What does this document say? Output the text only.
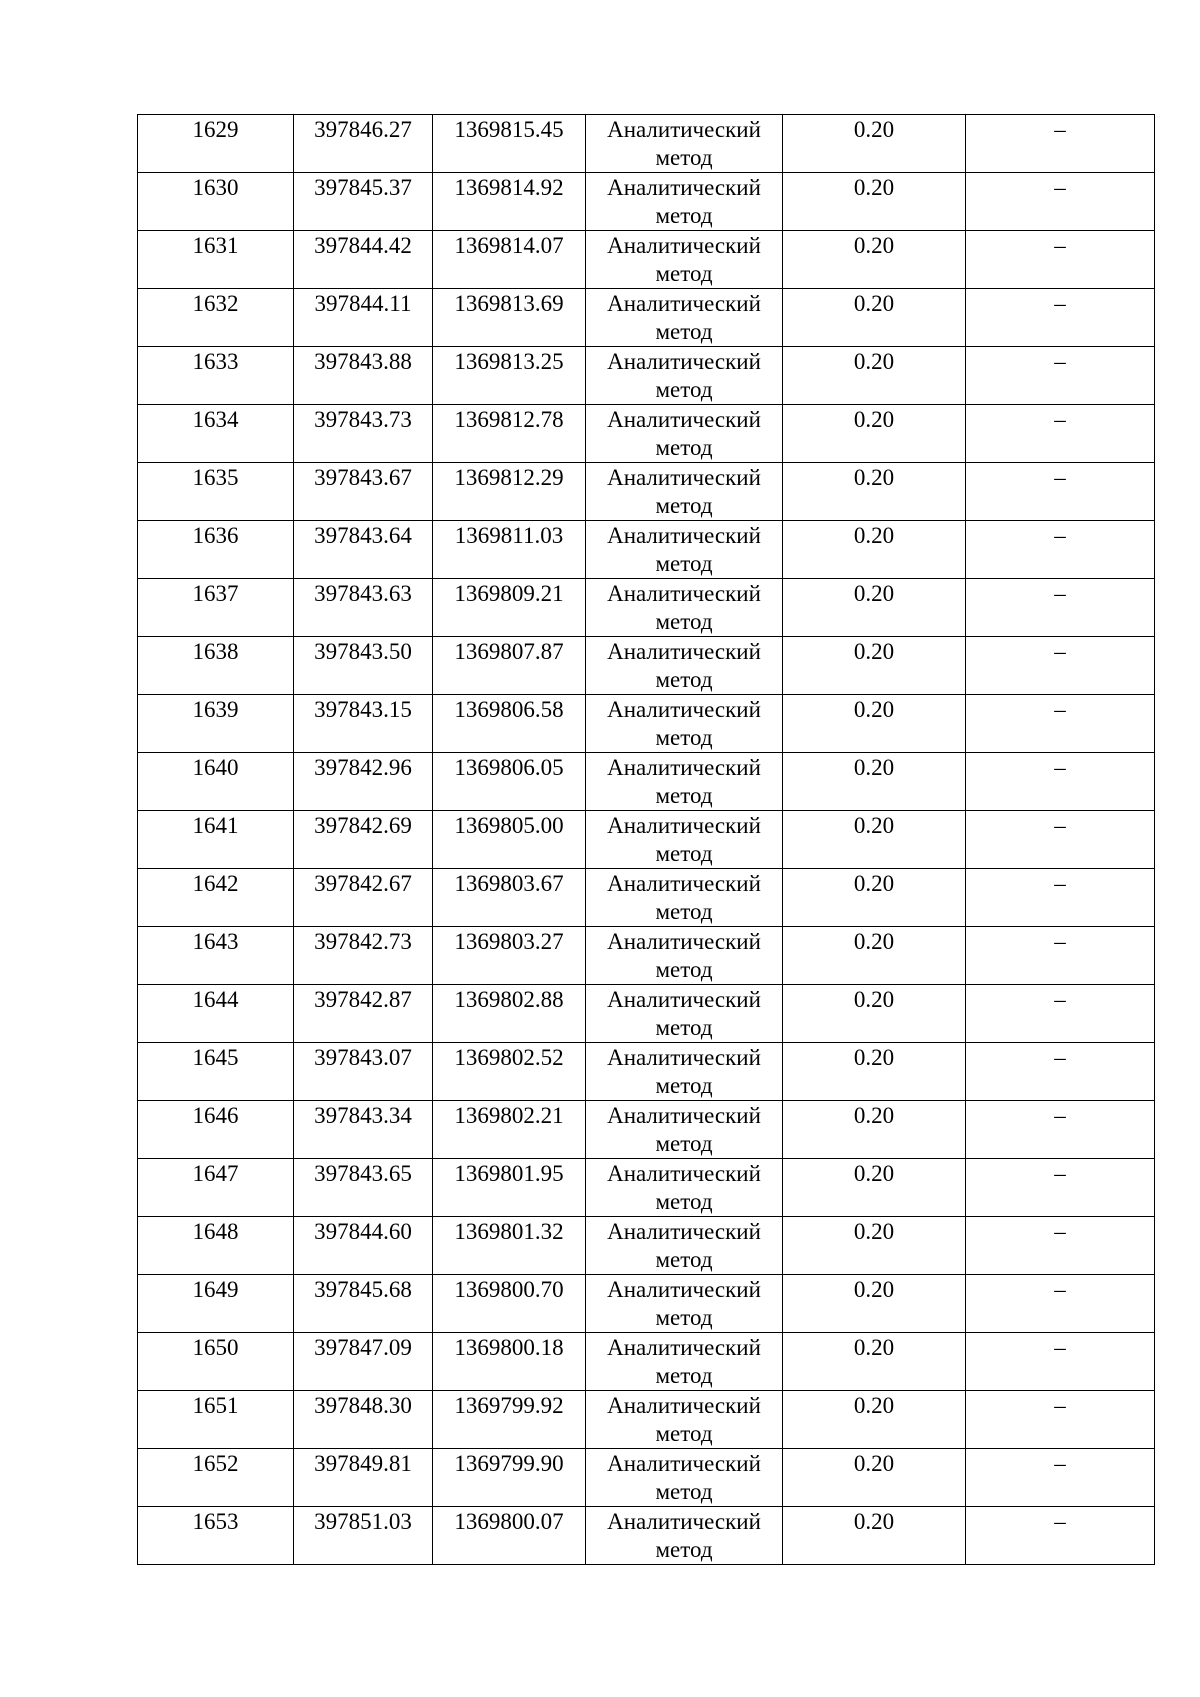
1629	397846.27	1369815.45	Аналитический метод	0.20	–

1630	397845.37	1369814.92	Аналитический метод	0.20	–

1631	397844.42	1369814.07	Аналитический метод	0.20	–

1632	397844.11	1369813.69	Аналитический метод	0.20	–

1633	397843.88	1369813.25	Аналитический метод	0.20	–

1634	397843.73	1369812.78	Аналитический метод	0.20	–

1635	397843.67	1369812.29	Аналитический метод	0.20	–

1636	397843.64	1369811.03	Аналитический метод	0.20	–

1637	397843.63	1369809.21	Аналитический метод	0.20	–

1638	397843.50	1369807.87	Аналитический метод	0.20	–

1639	397843.15	1369806.58	Аналитический метод	0.20	–

1640	397842.96	1369806.05	Аналитический метод	0.20	–

1641	397842.69	1369805.00	Аналитический метод	0.20	–

1642	397842.67	1369803.67	Аналитический метод	0.20	–

1643	397842.73	1369803.27	Аналитический метод	0.20	–

1644	397842.87	1369802.88	Аналитический метод	0.20	–

1645	397843.07	1369802.52	Аналитический метод	0.20	–

1646	397843.34	1369802.21	Аналитический метод	0.20	–

1647	397843.65	1369801.95	Аналитический метод	0.20	–

1648	397844.60	1369801.32	Аналитический метод	0.20	–

1649	397845.68	1369800.70	Аналитический метод	0.20	–

1650	397847.09	1369800.18	Аналитический метод	0.20	–

1651	397848.30	1369799.92	Аналитический метод	0.20	–

1652	397849.81	1369799.90	Аналитический метод	0.20	–

1653	397851.03	1369800.07	Аналитический метод	0.20	–
